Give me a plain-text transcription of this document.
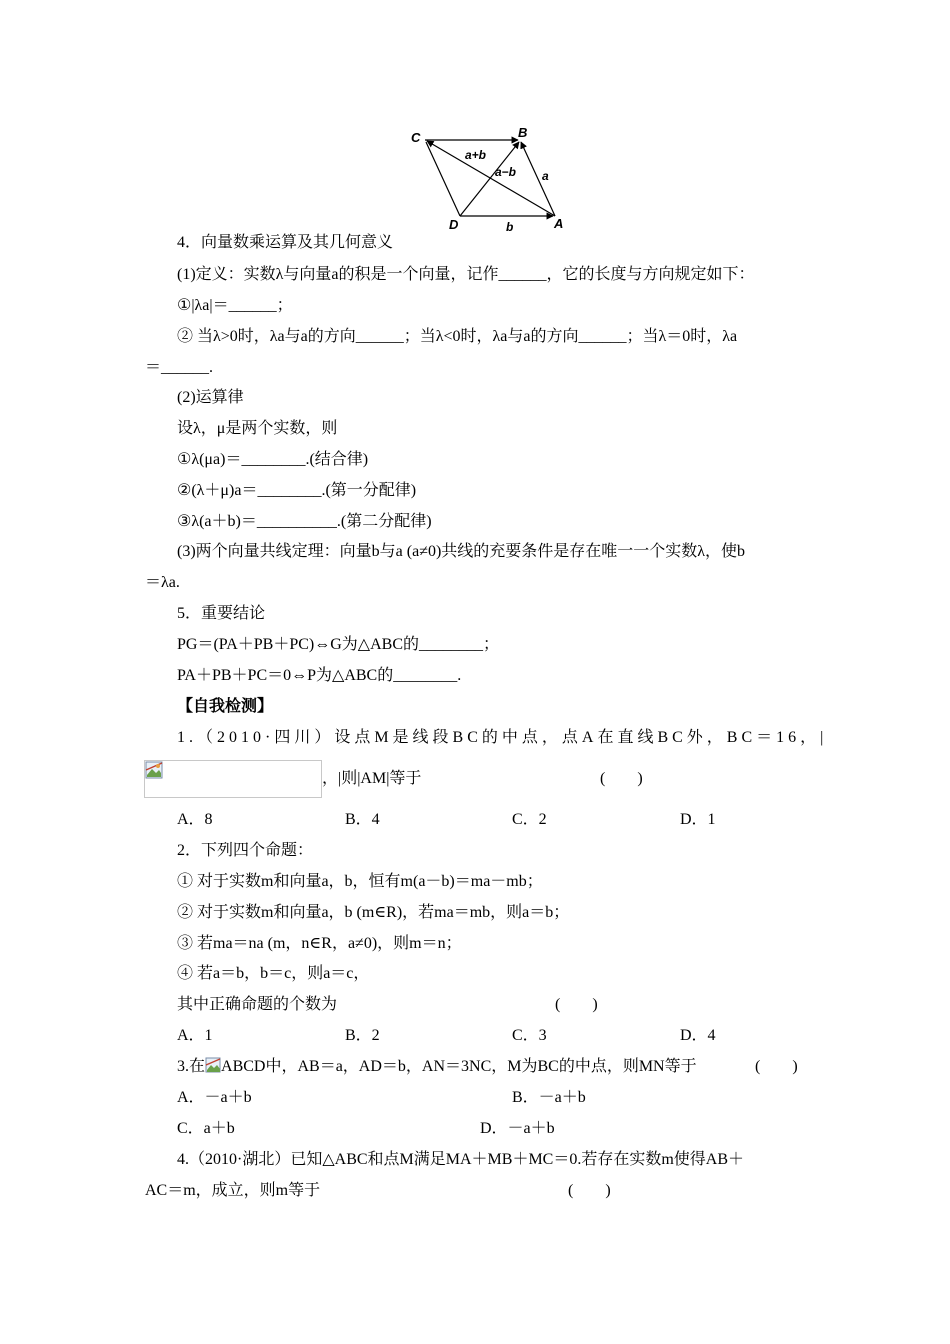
C	B
D	A
a+b
a−b a
b
4．向量数乘运算及其几何意义
(1)定义：实数λ与向量a的积是一个向量，记作______，它的长度与方向规定如下：
①|λa|＝______；
② 当λ>0时，λa与a的方向______；当λ<0时，λa与a的方向______；当λ＝0时，λa
＝______.
(2)运算律
设λ，μ是两个实数，则
①λ(μa)＝________.(结合律)
②(λ＋μ)a＝________.(第一分配律)
③λ(a＋b)＝__________.(第二分配律)
(3)两个向量共线定理：向量b与a (a≠0)共线的充要条件是存在唯一一个实数λ，使b
＝λa.
5．重要结论
PG＝(PA＋PB＋PC)⇔G为△ABC的________；
PA＋PB＋PC＝0⇔P为△ABC的________.
【自我检测】
1.（2010·四川）设点M是线段BC的中点，点A在直线BC外，BC＝16，|
，|则|AM|等于	(　　)
A．8	B．4	C．2	D．1
2．下列四个命题：
① 对于实数m和向量a，b，恒有m(a－b)＝ma－mb；
② 对于实数m和向量a，b (m∈R)，若ma＝mb，则a＝b；
③ 若ma＝na (m，n∈R，a≠0)，则m＝n；
④ 若a＝b，b＝c，则a＝c，
其中正确命题的个数为	(　　)
A．1	B．2	C．3	D．4
3.在 ABCD中，AB＝a，AD＝b，AN＝3NC，M为BC的中点，则MN等于	(　　)
A．－a＋b	B．－a＋b
C．a＋b	D．－a＋b
4.（2010·湖北）已知△ABC和点M满足MA＋MB＋MC＝0.若存在实数m使得AB＋
AC＝m，成立，则m等于	(　　)
